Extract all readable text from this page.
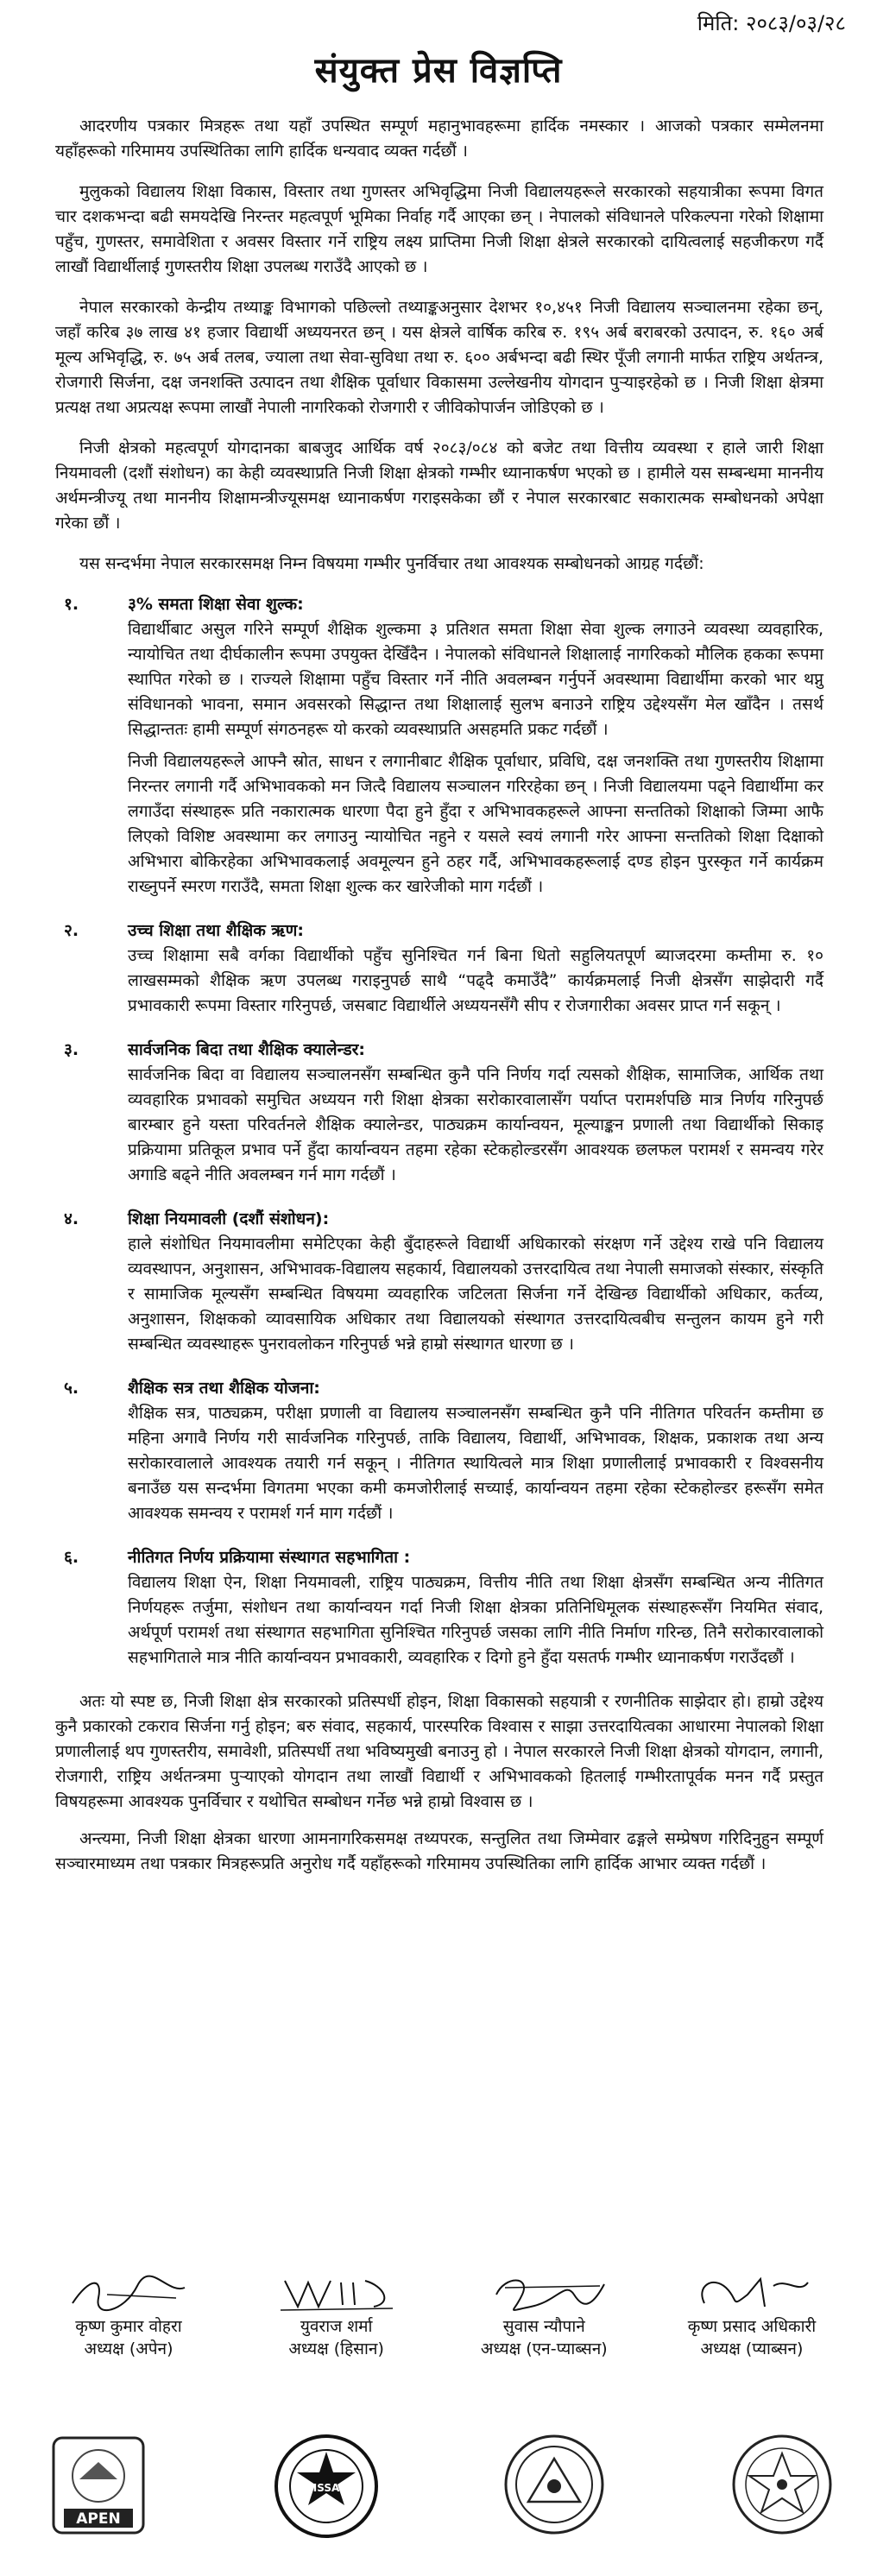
मिति: २०८३/०३/२८
संयुक्त प्रेस विज्ञप्ति

आदरणीय पत्रकार मित्रहरू तथा यहाँ उपस्थित सम्पूर्ण महानुभावहरूमा हार्दिक नमस्कार । आजको पत्रकार सम्मेलनमा यहाँहरूको गरिमामय उपस्थितिका लागि हार्दिक धन्यवाद व्यक्त गर्दछौं ।

मुलुकको विद्यालय शिक्षा विकास, विस्तार तथा गुणस्तर अभिवृद्धिमा निजी विद्यालयहरूले सरकारको सहयात्रीका रूपमा विगत चार दशकभन्दा बढी समयदेखि निरन्तर महत्वपूर्ण भूमिका निर्वाह गर्दै आएका छन् । नेपालको संविधानले परिकल्पना गरेको शिक्षामा पहुँच, गुणस्तर, समावेशिता र अवसर विस्तार गर्ने राष्ट्रिय लक्ष्य प्राप्तिमा निजी शिक्षा क्षेत्रले सरकारको दायित्वलाई सहजीकरण गर्दै लाखौं विद्यार्थीलाई गुणस्तरीय शिक्षा उपलब्ध गराउँदै आएको छ ।

नेपाल सरकारको केन्द्रीय तथ्याङ्क विभागको पछिल्लो तथ्याङ्कअनुसार देशभर १०,४५१ निजी विद्यालय सञ्चालनमा रहेका छन्, जहाँ करिब ३७ लाख ४१ हजार विद्यार्थी अध्ययनरत छन् । यस क्षेत्रले वार्षिक करिब रु. १९५ अर्ब बराबरको उत्पादन, रु. १६० अर्ब मूल्य अभिवृद्धि, रु. ७५ अर्ब तलब, ज्याला तथा सेवा-सुविधा तथा रु. ६०० अर्बभन्दा बढी स्थिर पूँजी लगानी मार्फत राष्ट्रिय अर्थतन्त्र, रोजगारी सिर्जना, दक्ष जनशक्ति उत्पादन तथा शैक्षिक पूर्वाधार विकासमा उल्लेखनीय योगदान पुर्‍याइरहेको छ । निजी शिक्षा क्षेत्रमा प्रत्यक्ष तथा अप्रत्यक्ष रूपमा लाखौं नेपाली नागरिकको रोजगारी र जीविकोपार्जन जोडिएको छ ।

निजी क्षेत्रको महत्वपूर्ण योगदानका बाबजुद आर्थिक वर्ष २०८३/०८४ को बजेट तथा वित्तीय व्यवस्था र हाले जारी शिक्षा नियमावली (दशौं संशोधन) का केही व्यवस्थाप्रति निजी शिक्षा क्षेत्रको गम्भीर ध्यानाकर्षण भएको छ । हामीले यस सम्बन्धमा माननीय अर्थमन्त्रीज्यू तथा माननीय शिक्षामन्त्रीज्यूसमक्ष ध्यानाकर्षण गराइसकेका छौं र नेपाल सरकारबाट सकारात्मक सम्बोधनको अपेक्षा गरेका छौं ।

यस सन्दर्भमा नेपाल सरकारसमक्ष निम्न विषयमा गम्भीर पुनर्विचार तथा आवश्यक सम्बोधनको आग्रह गर्दछौं:

१.	३% समता शिक्षा सेवा शुल्क:

विद्यार्थीबाट असुल गरिने सम्पूर्ण शैक्षिक शुल्कमा ३ प्रतिशत समता शिक्षा सेवा शुल्क लगाउने व्यवस्था व्यवहारिक, न्यायोचित तथा दीर्घकालीन रूपमा उपयुक्त देखिँदैन । नेपालको संविधानले शिक्षालाई नागरिकको मौलिक हकका रूपमा स्थापित गरेको छ । राज्यले शिक्षामा पहुँच विस्तार गर्ने नीति अवलम्बन गर्नुपर्ने अवस्थामा विद्यार्थीमा करको भार थप्नु संविधानको भावना, समान अवसरको सिद्धान्त तथा शिक्षालाई सुलभ बनाउने राष्ट्रिय उद्देश्यसँग मेल खाँदैन । तसर्थ सिद्धान्ततः हामी सम्पूर्ण संगठनहरू यो करको व्यवस्थाप्रति असहमति प्रकट गर्दछौं ।

निजी विद्यालयहरूले आफ्नै स्रोत, साधन र लगानीबाट शैक्षिक पूर्वाधार, प्रविधि, दक्ष जनशक्ति तथा गुणस्तरीय शिक्षामा निरन्तर लगानी गर्दै अभिभावकको मन जित्दै विद्यालय सञ्चालन गरिरहेका छन् । निजी विद्यालयमा पढ्ने विद्यार्थीमा कर लगाउँदा संस्थाहरू प्रति नकारात्मक धारणा पैदा हुने हुँदा र अभिभावकहरूले आफ्ना सन्ततिको शिक्षाको जिम्मा आफै लिएको विशिष्ट अवस्थामा कर लगाउनु न्यायोचित नहुने र यसले स्वयं लगानी गरेर आफ्ना सन्ततिको शिक्षा दिक्षाको अभिभारा बोकिरहेका अभिभावकलाई अवमूल्यन हुने ठहर गर्दै, अभिभावकहरूलाई दण्ड होइन पुरस्कृत गर्ने कार्यक्रम राख्नुपर्ने स्मरण गराउँदै, समता शिक्षा शुल्क कर खारेजीको माग गर्दछौं ।

२.	उच्च शिक्षा तथा शैक्षिक ऋण:

उच्च शिक्षामा सबै वर्गका विद्यार्थीको पहुँच सुनिश्चित गर्न बिना धितो सहुलियतपूर्ण ब्याजदरमा कम्तीमा रु. १० लाखसम्मको शैक्षिक ऋण उपलब्ध गराइनुपर्छ साथै “पढ्दै कमाउँदै” कार्यक्रमलाई निजी क्षेत्रसँग साझेदारी गर्दै प्रभावकारी रूपमा विस्तार गरिनुपर्छ, जसबाट विद्यार्थीले अध्ययनसँगै सीप र रोजगारीका अवसर प्राप्त गर्न सकून् ।

३.	सार्वजनिक बिदा तथा शैक्षिक क्यालेन्डर:

सार्वजनिक बिदा वा विद्यालय सञ्चालनसँग सम्बन्धित कुनै पनि निर्णय गर्दा त्यसको शैक्षिक, सामाजिक, आर्थिक तथा व्यवहारिक प्रभावको समुचित अध्ययन गरी शिक्षा क्षेत्रका सरोकारवालासँग पर्याप्त परामर्शपछि मात्र निर्णय गरिनुपर्छ बारम्बार हुने यस्ता परिवर्तनले शैक्षिक क्यालेन्डर, पाठ्यक्रम कार्यान्वयन, मूल्याङ्कन प्रणाली तथा विद्यार्थीको सिकाइ प्रक्रियामा प्रतिकूल प्रभाव पर्ने हुँदा कार्यान्वयन तहमा रहेका स्टेकहोल्डरसँग आवश्यक छलफल परामर्श र समन्वय गरेर अगाडि बढ्ने नीति अवलम्बन गर्न माग गर्दछौं ।

४.	शिक्षा नियमावली (दशौं संशोधन):

हाले संशोधित नियमावलीमा समेटिएका केही बुँदाहरूले विद्यार्थी अधिकारको संरक्षण गर्ने उद्देश्य राखे पनि विद्यालय व्यवस्थापन, अनुशासन, अभिभावक-विद्यालय सहकार्य, विद्यालयको उत्तरदायित्व तथा नेपाली समाजको संस्कार, संस्कृति र सामाजिक मूल्यसँग सम्बन्धित विषयमा व्यवहारिक जटिलता सिर्जना गर्ने देखिन्छ विद्यार्थीको अधिकार, कर्तव्य, अनुशासन, शिक्षकको व्यावसायिक अधिकार तथा विद्यालयको संस्थागत उत्तरदायित्वबीच सन्तुलन कायम हुने गरी सम्बन्धित व्यवस्थाहरू पुनरावलोकन गरिनुपर्छ भन्ने हाम्रो संस्थागत धारणा छ ।

५.	शैक्षिक सत्र तथा शैक्षिक योजना:

शैक्षिक सत्र, पाठ्यक्रम, परीक्षा प्रणाली वा विद्यालय सञ्चालनसँग सम्बन्धित कुनै पनि नीतिगत परिवर्तन कम्तीमा छ महिना अगावै निर्णय गरी सार्वजनिक गरिनुपर्छ, ताकि विद्यालय, विद्यार्थी, अभिभावक, शिक्षक, प्रकाशक तथा अन्य सरोकारवालाले आवश्यक तयारी गर्न सकून् । नीतिगत स्थायित्वले मात्र शिक्षा प्रणालीलाई प्रभावकारी र विश्वसनीय बनाउँछ यस सन्दर्भमा विगतमा भएका कमी कमजोरीलाई सच्याई, कार्यान्वयन तहमा रहेका स्टेकहोल्डर हरूसँग समेत आवश्यक समन्वय र परामर्श गर्न माग गर्दछौं ।

६.	नीतिगत निर्णय प्रक्रियामा संस्थागत सहभागिता :

विद्यालय शिक्षा ऐन, शिक्षा नियमावली, राष्ट्रिय पाठ्यक्रम, वित्तीय नीति तथा शिक्षा क्षेत्रसँग सम्बन्धित अन्य नीतिगत निर्णयहरू तर्जुमा, संशोधन तथा कार्यान्वयन गर्दा निजी शिक्षा क्षेत्रका प्रतिनिधिमूलक संस्थाहरूसँग नियमित संवाद, अर्थपूर्ण परामर्श तथा संस्थागत सहभागिता सुनिश्चित गरिनुपर्छ जसका लागि नीति निर्माण गरिन्छ, तिनै सरोकारवालाको सहभागिताले मात्र नीति कार्यान्वयन प्रभावकारी, व्यवहारिक र दिगो हुने हुँदा यसतर्फ गम्भीर ध्यानाकर्षण गराउँदछौं ।

अतः यो स्पष्ट छ, निजी शिक्षा क्षेत्र सरकारको प्रतिस्पर्धी होइन, शिक्षा विकासको सहयात्री र रणनीतिक साझेदार हो। हाम्रो उद्देश्य कुनै प्रकारको टकराव सिर्जना गर्नु होइन; बरु संवाद, सहकार्य, पारस्परिक विश्वास र साझा उत्तरदायित्वका आधारमा नेपालको शिक्षा प्रणालीलाई थप गुणस्तरीय, समावेशी, प्रतिस्पर्धी तथा भविष्यमुखी बनाउनु हो । नेपाल सरकारले निजी शिक्षा क्षेत्रको योगदान, लगानी, रोजगारी, राष्ट्रिय अर्थतन्त्रमा पुर्‍याएको योगदान तथा लाखौं विद्यार्थी र अभिभावकको हितलाई गम्भीरतापूर्वक मनन गर्दै प्रस्तुत विषयहरूमा आवश्यक पुनर्विचार र यथोचित सम्बोधन गर्नेछ भन्ने हाम्रो विश्वास छ ।

अन्त्यमा, निजी शिक्षा क्षेत्रका धारणा आमनागरिकसमक्ष तथ्यपरक, सन्तुलित तथा जिम्मेवार ढङ्गले सम्प्रेषण गरिदिनुहुन सम्पूर्ण सञ्चारमाध्यम तथा पत्रकार मित्रहरूप्रति अनुरोध गर्दै यहाँहरूको गरिमामय उपस्थितिका लागि हार्दिक आभार व्यक्त गर्दछौं ।

कृष्ण कुमार वोहरा
अध्यक्ष (अपेन)
युवराज शर्मा
अध्यक्ष (हिसान)
सुवास न्यौपाने
अध्यक्ष (एन-प्याब्सन)
कृष्ण प्रसाद अधिकारी
अध्यक्ष (प्याब्सन)
APEN
HISSAN
